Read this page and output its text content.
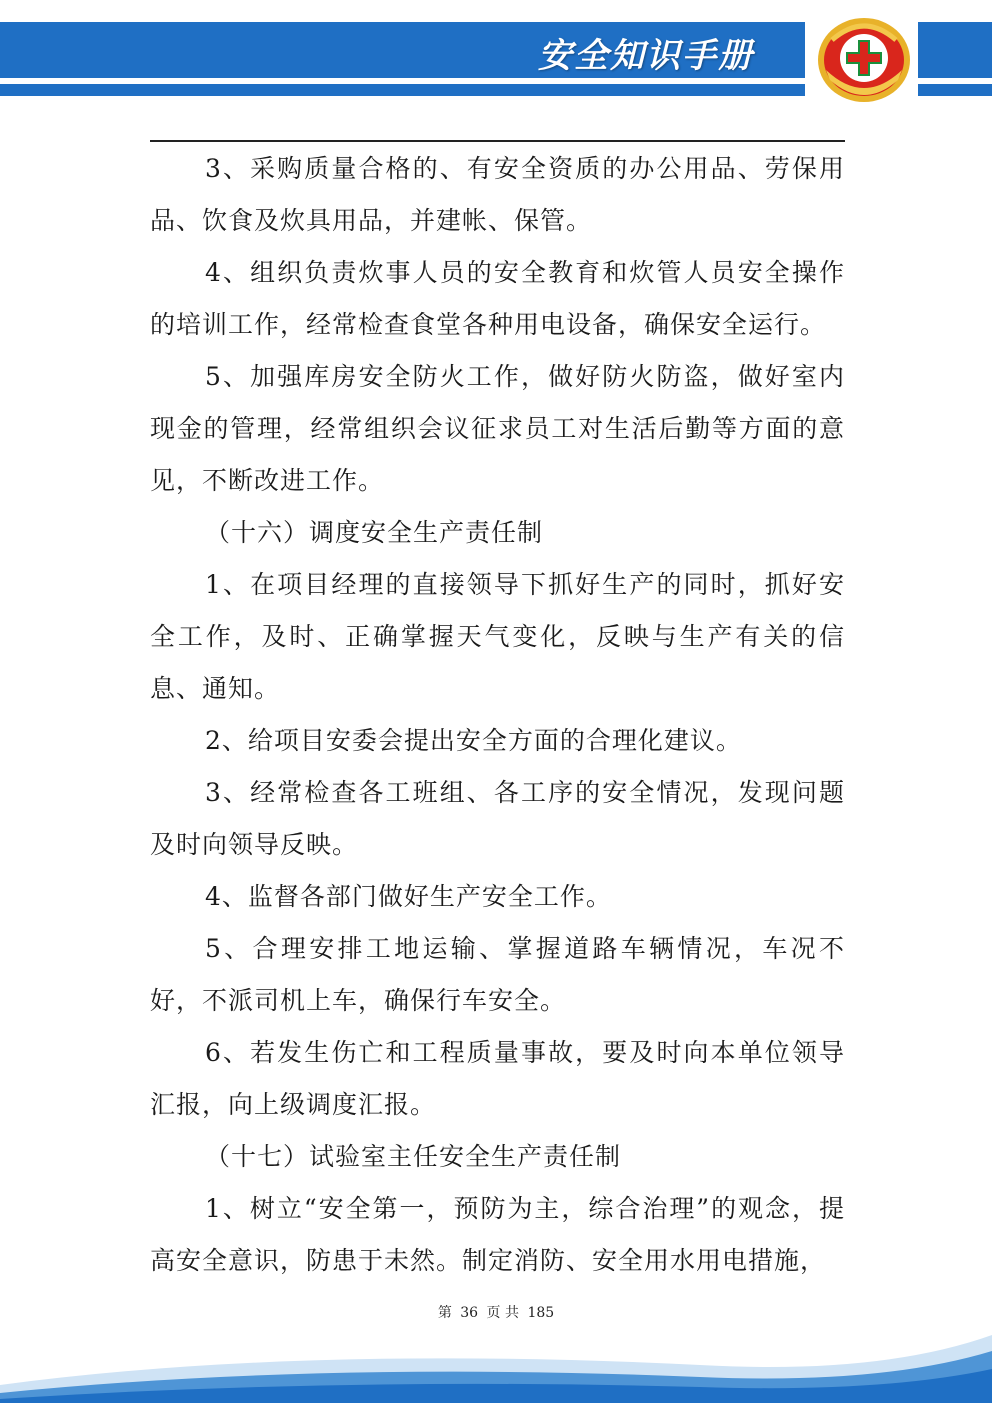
安全知识手册

3、采购质量合格的、有安全资质的办公用品、劳保用品、饮食及炊具用品，并建帐、保管。

4、组织负责炊事人员的安全教育和炊管人员安全操作的培训工作，经常检查食堂各种用电设备，确保安全运行。

5、加强库房安全防火工作，做好防火防盗，做好室内现金的管理，经常组织会议征求员工对生活后勤等方面的意见，不断改进工作。

（十六）调度安全生产责任制

1、在项目经理的直接领导下抓好生产的同时，抓好安全工作，及时、正确掌握天气变化，反映与生产有关的信息、通知。

2、给项目安委会提出安全方面的合理化建议。

3、经常检查各工班组、各工序的安全情况，发现问题及时向领导反映。

4、监督各部门做好生产安全工作。

5、合理安排工地运输、掌握道路车辆情况，车况不好，不派司机上车，确保行车安全。

6、若发生伤亡和工程质量事故，要及时向本单位领导汇报，向上级调度汇报。

（十七）试验室主任安全生产责任制

1、树立“安全第一，预防为主，综合治理”的观念，提高安全意识，防患于未然。制定消防、安全用水用电措施，

第 36 页 共 185
